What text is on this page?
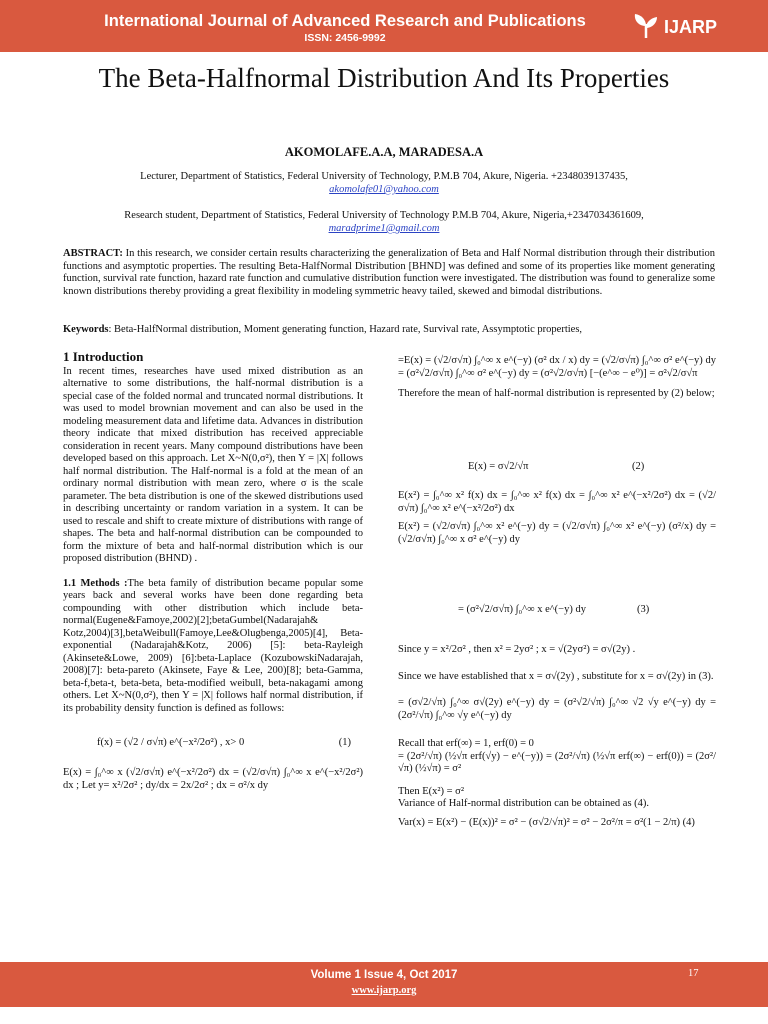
International Journal of Advanced Research and Publications
ISSN: 2456-9992
IJARP
The Beta-Halfnormal Distribution And Its Properties
AKOMOLAFE.A.A, MARADESA.A
Lecturer, Department of Statistics, Federal University of Technology, P.M.B 704, Akure, Nigeria. +2348039137435,
akomolafe01@yahoo.com
Research student, Department of Statistics, Federal University of Technology P.M.B 704, Akure, Nigeria,+2347034361609,
maradprime1@gmail.com

ABSTRACT: In this research, we consider certain results characterizing the generalization of Beta and Half Normal distribution through their distribution functions and asymptotic properties. The resulting Beta-HalfNormal Distribution [BHND] was defined and some of its properties like moment generating function, survival rate function, hazard rate function and cumulative distribution function were investigated. The distribution was found to generalize some known distributions thereby providing a great flexibility in modeling symmetric heavy tailed, skewed and bimodal distributions.

Keywords: Beta-HalfNormal distribution, Moment generating function, Hazard rate, Survival rate, Assymptotic properties,

1 Introduction

In recent times, researches have used mixed distribution as an alternative to some distributions, the half-normal distribution is a special case of the folded normal and truncated normal distributions. It was used to model brownian movement and can also be used in the modeling measurement data and lifetime data. Advances in distribution theory indicate that mixed distribution has received appreciable consideration in recent years. Many compound distributions have been developed based on this approach. Let X~N(0,σ²), then Y = |X| follows half normal distribution. The Half-normal is a fold at the mean of an ordinary normal distribution with mean zero, where σ is the scale parameter. The beta distribution is one of the skewed distributions used in describing uncertainty or random variation in a system. It can be used to rescale and shift to create mixture of distributions with range of shapes. The beta and half-normal distribution can be compounded to form the mixture of beta and half-normal distribution which is our proposed distribution (BHND) .

1.1 Methods :The beta family of distribution became popular some years back and several works have been done regarding beta compounding with other distribution which include beta-normal(Eugene&Famoye,2002)[2];betaGumbel(Nadarajah& Kotz,2004)[3],betaWeibull(Famoye,Lee&Olugbenga,2005)[4], Beta-exponential (Nadarajah&Kotz, 2006) [5]: beta-Rayleigh (Akinsete&Lowe, 2009) [6]:beta-Laplace (KozubowskiNadarajah, 2008)[7]: beta-pareto (Akinsete, Faye & Lee, 200)[8]; beta-Gamma, beta-f,beta-t, beta-beta, beta-modified weibull, beta-nakagami among others. Let X~N(0,σ²), then Y = |X| follows half normal distribution, if its probability density function is defined as follows:

f(x) = (√2 / σ√π) e^(−x²/2σ²) , x> 0	(1)

E(x) = ∫₀^∞ x (√2/σ√π) e^(−x²/2σ²) dx = (√2/σ√π) ∫₀^∞ x e^(−x²/2σ²) dx ; Let y= x²/2σ² ; dy/dx = 2x/2σ² ; dx = σ²/x dy

=E(x) = (√2/σ√π) ∫₀^∞ x e^(−y) (σ² dx / x) dy = (√2/σ√π) ∫₀^∞ σ² e^(−y) dy = (σ²√2/σ√π) ∫₀^∞ σ² e^(−y) dy = (σ²√2/σ√π) [−(e^∞ − e⁰)] = σ²√2/σ√π

Therefore the mean of half-normal distribution is represented by (2) below;

E(x) = σ√2/√π	(2)

E(x²) = ∫₀^∞ x² f(x) dx = ∫₀^∞ x² f(x) dx = ∫₀^∞ x² e^(−x²/2σ²) dx = (√2/σ√π) ∫₀^∞ x² e^(−x²/2σ²) dx

E(x²) = (√2/σ√π) ∫₀^∞ x² e^(−y) dy = (√2/σ√π) ∫₀^∞ x² e^(−y) (σ²/x) dy = (√2/σ√π) ∫₀^∞ x σ² e^(−y) dy

= (σ²√2/σ√π) ∫₀^∞ x e^(−y) dy	(3)

Since y = x²/2σ² , then x² = 2yσ² ; x = √(2yσ²) = σ√(2y) .

Since we have established that x = σ√(2y) , substitute for x = σ√(2y) in (3).

= (σ√2/√π) ∫₀^∞ σ√(2y) e^(−y) dy = (σ²√2/√π) ∫₀^∞ √2 √y e^(−y) dy = (2σ²/√π) ∫₀^∞ √y e^(−y) dy

Recall that erf(∞) = 1, erf(0) = 0

= (2σ²/√π) (½√π erf(√y) − e^(−y)) = (2σ²/√π) (½√π erf(∞) − erf(0)) = (2σ²/√π) (½√π) = σ²

Then E(x²) = σ²

Variance of Half-normal distribution can be obtained as (4).

Var(x) = E(x²) − (E(x))² = σ² − (σ√2/√π)² = σ² − 2σ²/π = σ²(1 − 2/π) (4)

Volume 1 Issue 4, Oct 2017
www.ijarp.org
17
